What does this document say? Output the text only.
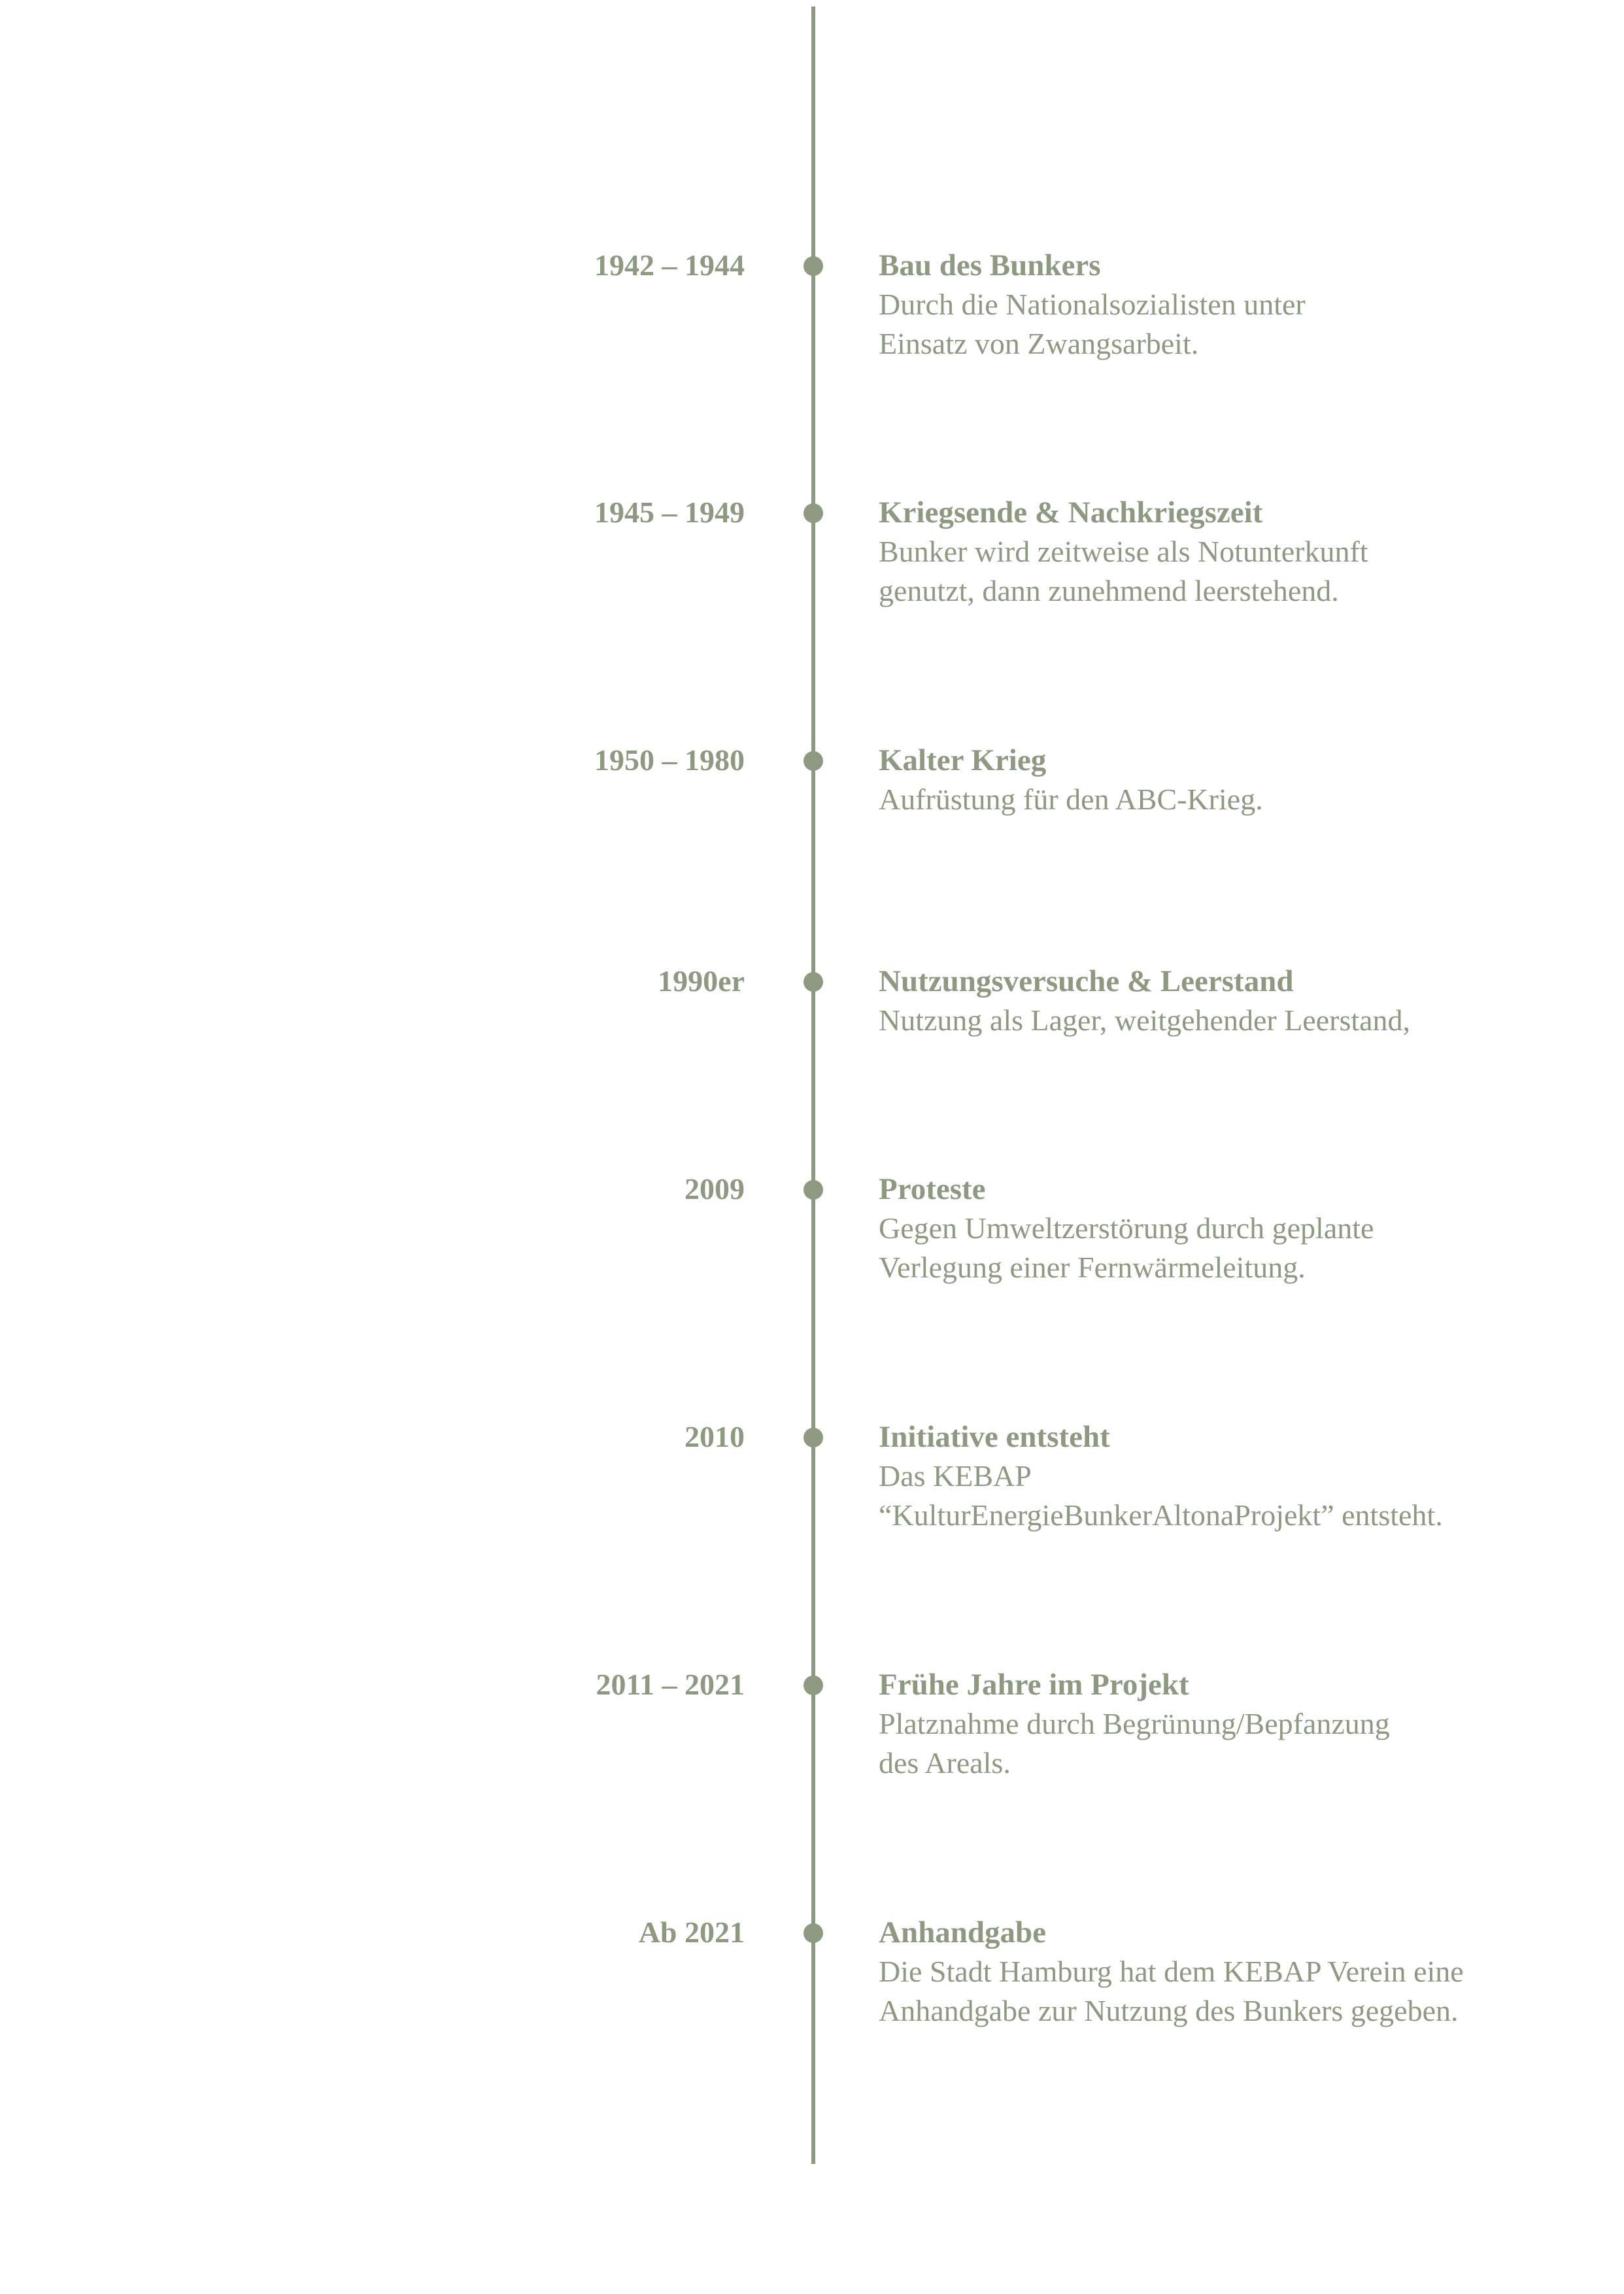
1942 – 1944	Bau des Bunkers
Durch die Nationalsozialisten unter
Einsatz von Zwangsarbeit.
1945 – 1949	Kriegsende & Nachkriegszeit
Bunker wird zeitweise als Notunterkunft
genutzt, dann zunehmend leerstehend.
1950 – 1980	Kalter Krieg
Aufrüstung für den ABC-Krieg.
1990er	Nutzungsversuche & Leerstand
Nutzung als Lager, weitgehender Leerstand,
2009	Proteste
Gegen Umweltzerstörung durch geplante
Verlegung einer Fernwärmeleitung.
2010	Initiative entsteht
Das KEBAP
“KulturEnergieBunkerAltonaProjekt” entsteht.
2011 – 2021	Frühe Jahre im Projekt
Platznahme durch Begrünung/Bepfanzung
des Areals.
Ab 2021	Anhandgabe
Die Stadt Hamburg hat dem KEBAP Verein eine
Anhandgabe zur Nutzung des Bunkers gegeben.
